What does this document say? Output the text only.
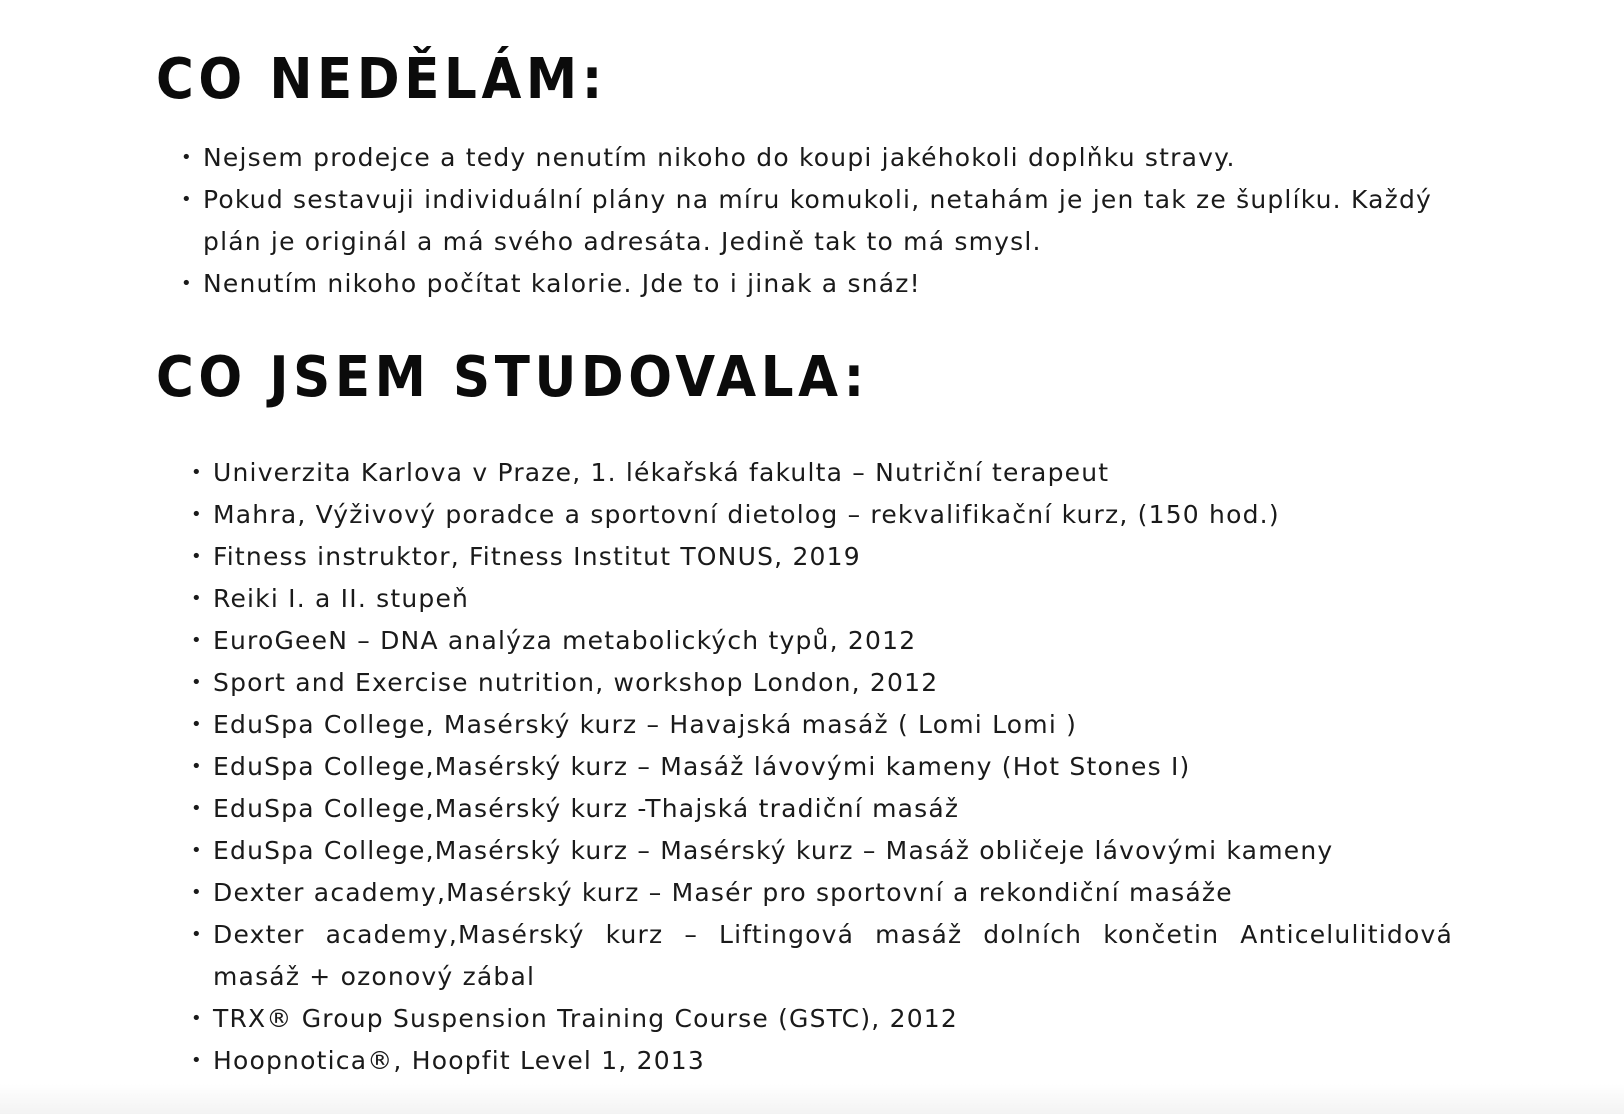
CO NEDĚLÁM:
• Nejsem prodejce a tedy nenutím nikoho do koupi jakéhokoli doplňku stravy.
• Pokud sestavuji individuální plány na míru komukoli, netahám je jen tak ze šuplíku. Každý plán je originál a má svého adresáta. Jedině tak to má smysl.
• Nenutím nikoho počítat kalorie. Jde to i jinak a snáz!
CO JSEM STUDOVALA:
• Univerzita Karlova v Praze, 1. lékařská fakulta – Nutriční terapeut
• Mahra, Výživový poradce a sportovní dietolog – rekvalifikační kurz, (150 hod.)
• Fitness instruktor, Fitness Institut TONUS, 2019
• Reiki I. a II. stupeň
• EuroGeeN – DNA analýza metabolických typů, 2012
• Sport and Exercise nutrition, workshop London, 2012
• EduSpa College, Masérský kurz – Havajská masáž ( Lomi Lomi )
• EduSpa College,Masérský kurz – Masáž lávovými kameny (Hot Stones I)
• EduSpa College,Masérský kurz -Thajská tradiční masáž
• EduSpa College,Masérský kurz – Masérský kurz – Masáž obličeje lávovými kameny
• Dexter academy,Masérský kurz – Masér pro sportovní a rekondiční masáže
• Dexter academy,Masérský kurz – Liftingová masáž dolních končetin Anticelulitidová masáž + ozonový zábal
• TRX® Group Suspension Training Course (GSTC), 2012
• Hoopnotica®, Hoopfit Level 1, 2013
